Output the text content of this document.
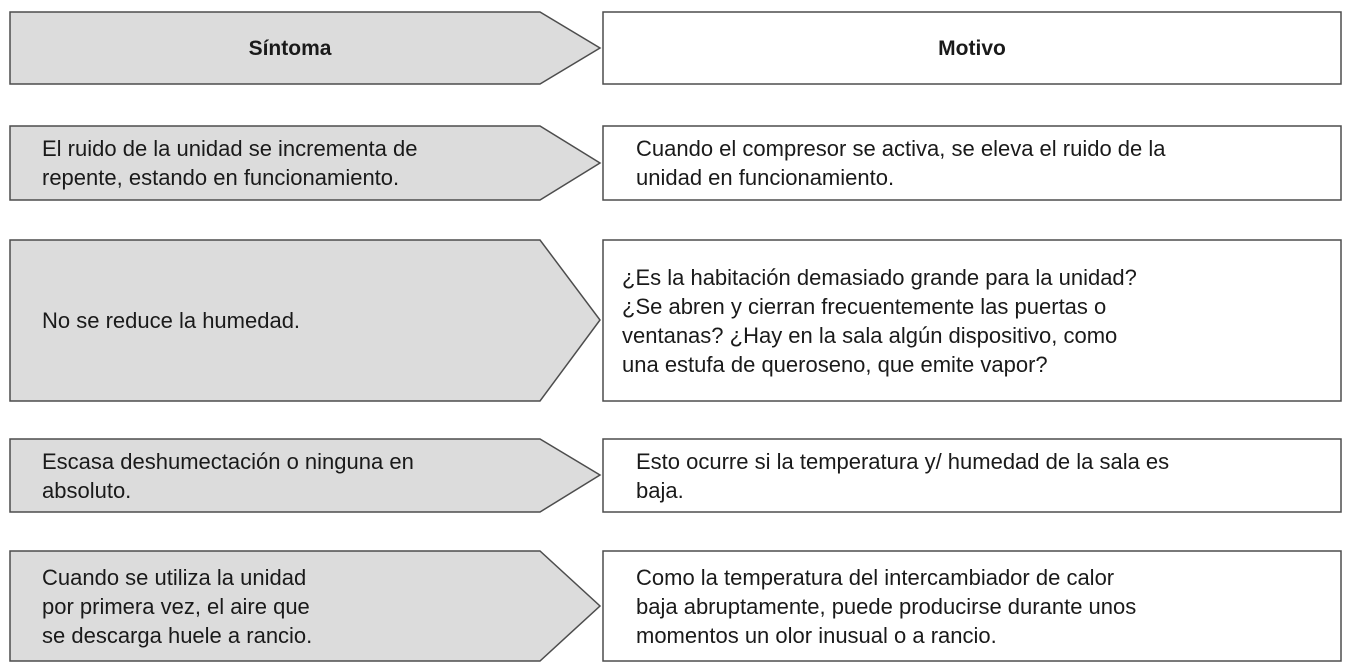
Síntoma	Motivo
El ruido de la unidad se incrementa de
repente, estando en funcionamiento.
Cuando el compresor se activa, se eleva el ruido de la
unidad en funcionamiento.
No se reduce la humedad.
¿Es la habitación demasiado grande para la unidad?
¿Se abren y cierran frecuentemente las puertas o
ventanas? ¿Hay en la sala algún dispositivo, como
una estufa de queroseno, que emite vapor?
Escasa deshumectación o ninguna en
absoluto.
Esto ocurre si la temperatura y/ humedad de la sala es
baja.
Cuando se utiliza la unidad
por primera vez, el aire que
se descarga huele a rancio.
Como la temperatura del intercambiador de calor
baja abruptamente, puede producirse durante unos
momentos un olor inusual o a rancio.
